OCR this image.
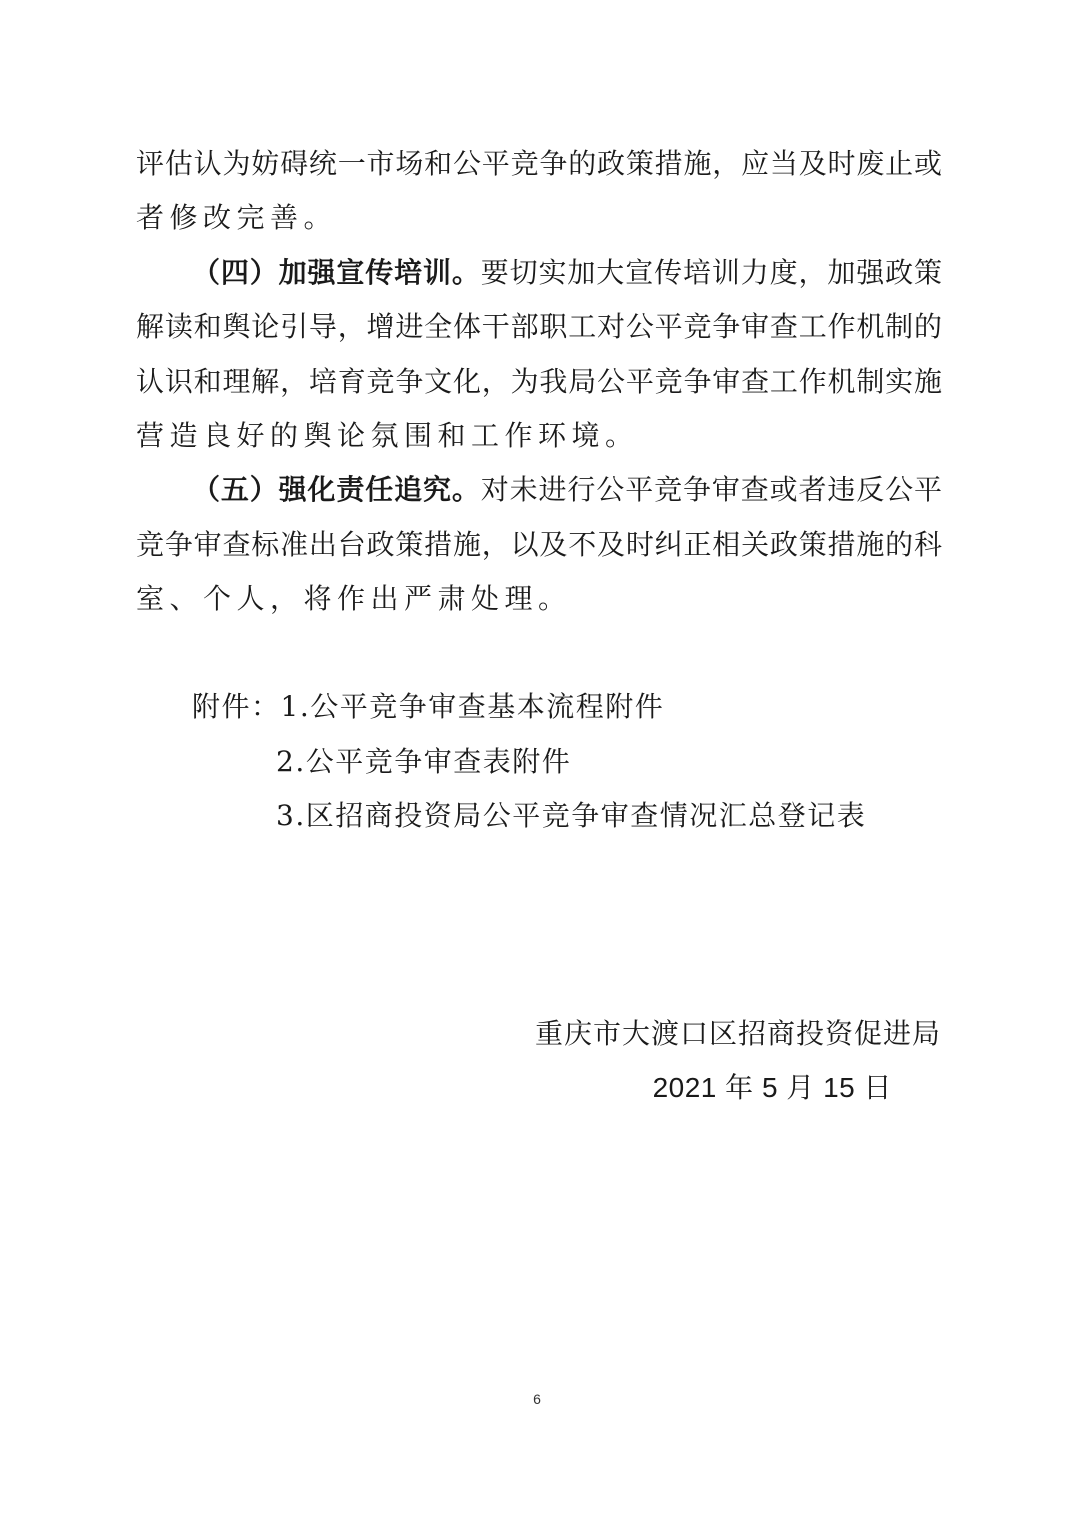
评估认为妨碍统一市场和公平竞争的政策措施，应当及时废止或
者修改完善。
（四）加强宣传培训。要切实加大宣传培训力度，加强政策
解读和舆论引导，增进全体干部职工对公平竞争审查工作机制的
认识和理解，培育竞争文化，为我局公平竞争审查工作机制实施
营造良好的舆论氛围和工作环境。
（五）强化责任追究。对未进行公平竞争审查或者违反公平
竞争审查标准出台政策措施，以及不及时纠正相关政策措施的科
室、个人，将作出严肃处理。
附件：1.公平竞争审查基本流程附件
2.公平竞争审查表附件
3.区招商投资局公平竞争审查情况汇总登记表
重庆市大渡口区招商投资促进局
2021 年 5 月 15 日
6
